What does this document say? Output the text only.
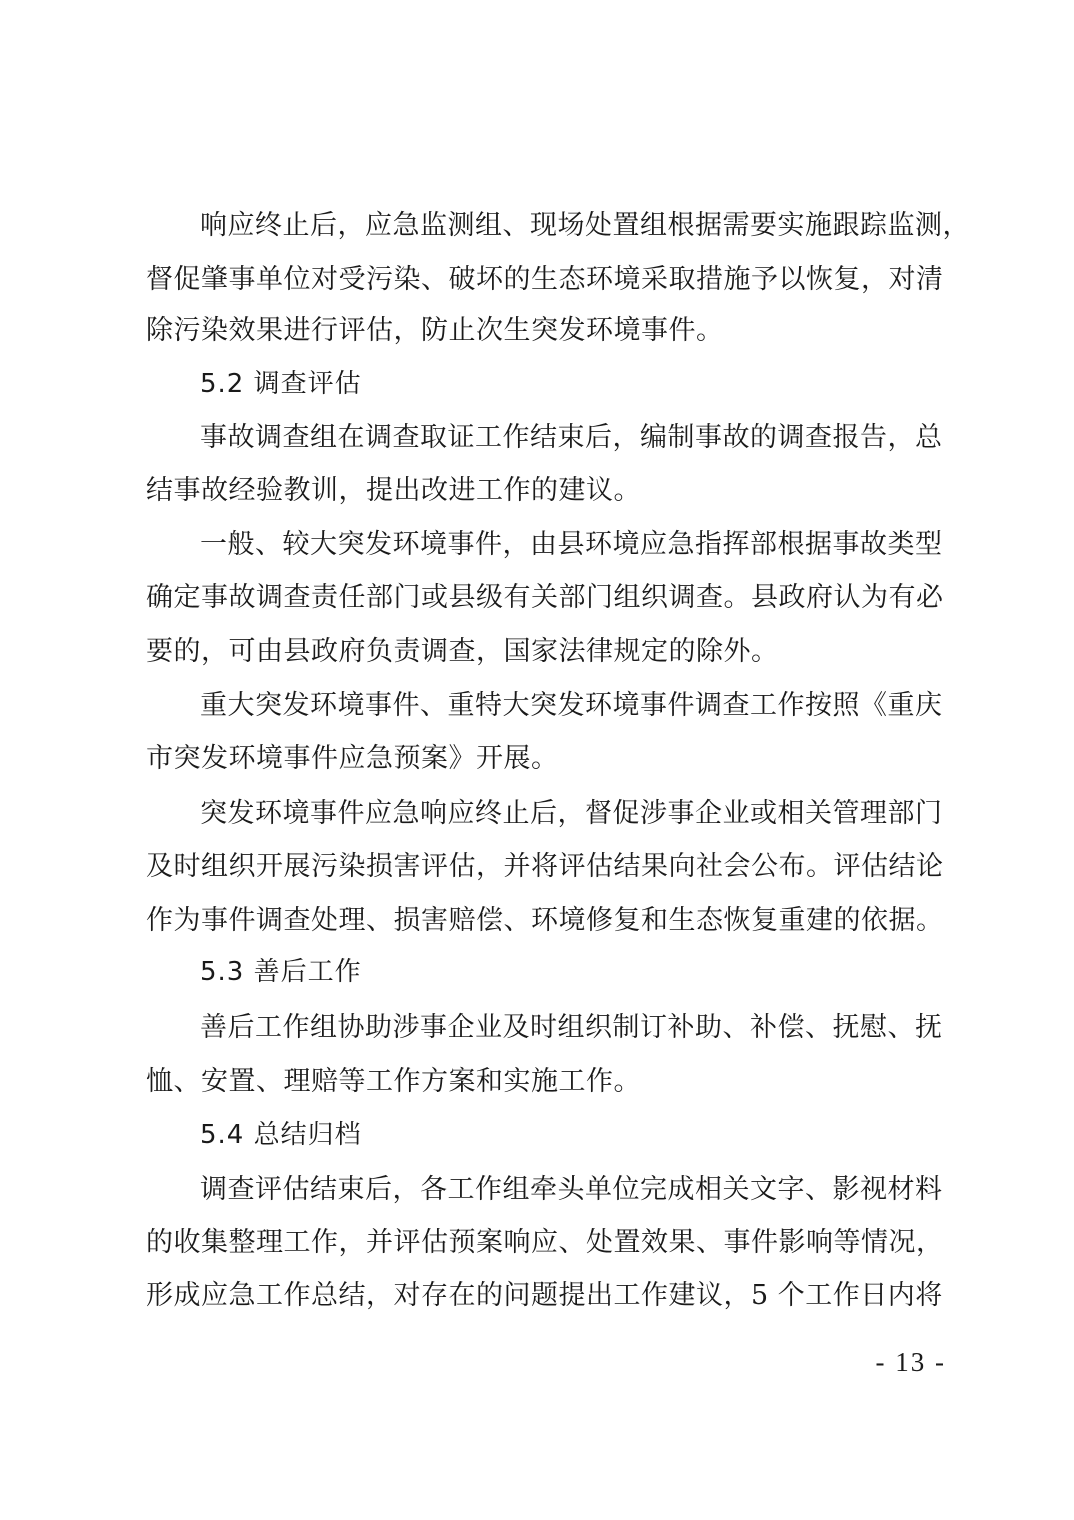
响应终止后，应急监测组、现场处置组根据需要实施跟踪监测，
督促肇事单位对受污染、破坏的生态环境采取措施予以恢复，对清
除污染效果进行评估，防止次生突发环境事件。
5.2 调查评估
事故调查组在调查取证工作结束后，编制事故的调查报告，总
结事故经验教训，提出改进工作的建议。
一般、较大突发环境事件，由县环境应急指挥部根据事故类型
确定事故调查责任部门或县级有关部门组织调查。县政府认为有必
要的，可由县政府负责调查，国家法律规定的除外。
重大突发环境事件、重特大突发环境事件调查工作按照《重庆
市突发环境事件应急预案》开展。
突发环境事件应急响应终止后，督促涉事企业或相关管理部门
及时组织开展污染损害评估，并将评估结果向社会公布。评估结论
作为事件调查处理、损害赔偿、环境修复和生态恢复重建的依据。
5.3 善后工作
善后工作组协助涉事企业及时组织制订补助、补偿、抚慰、抚
恤、安置、理赔等工作方案和实施工作。
5.4 总结归档
调查评估结束后，各工作组牵头单位完成相关文字、影视材料
的收集整理工作，并评估预案响应、处置效果、事件影响等情况，
形成应急工作总结，对存在的问题提出工作建议，5 个工作日内将
- 13 -
